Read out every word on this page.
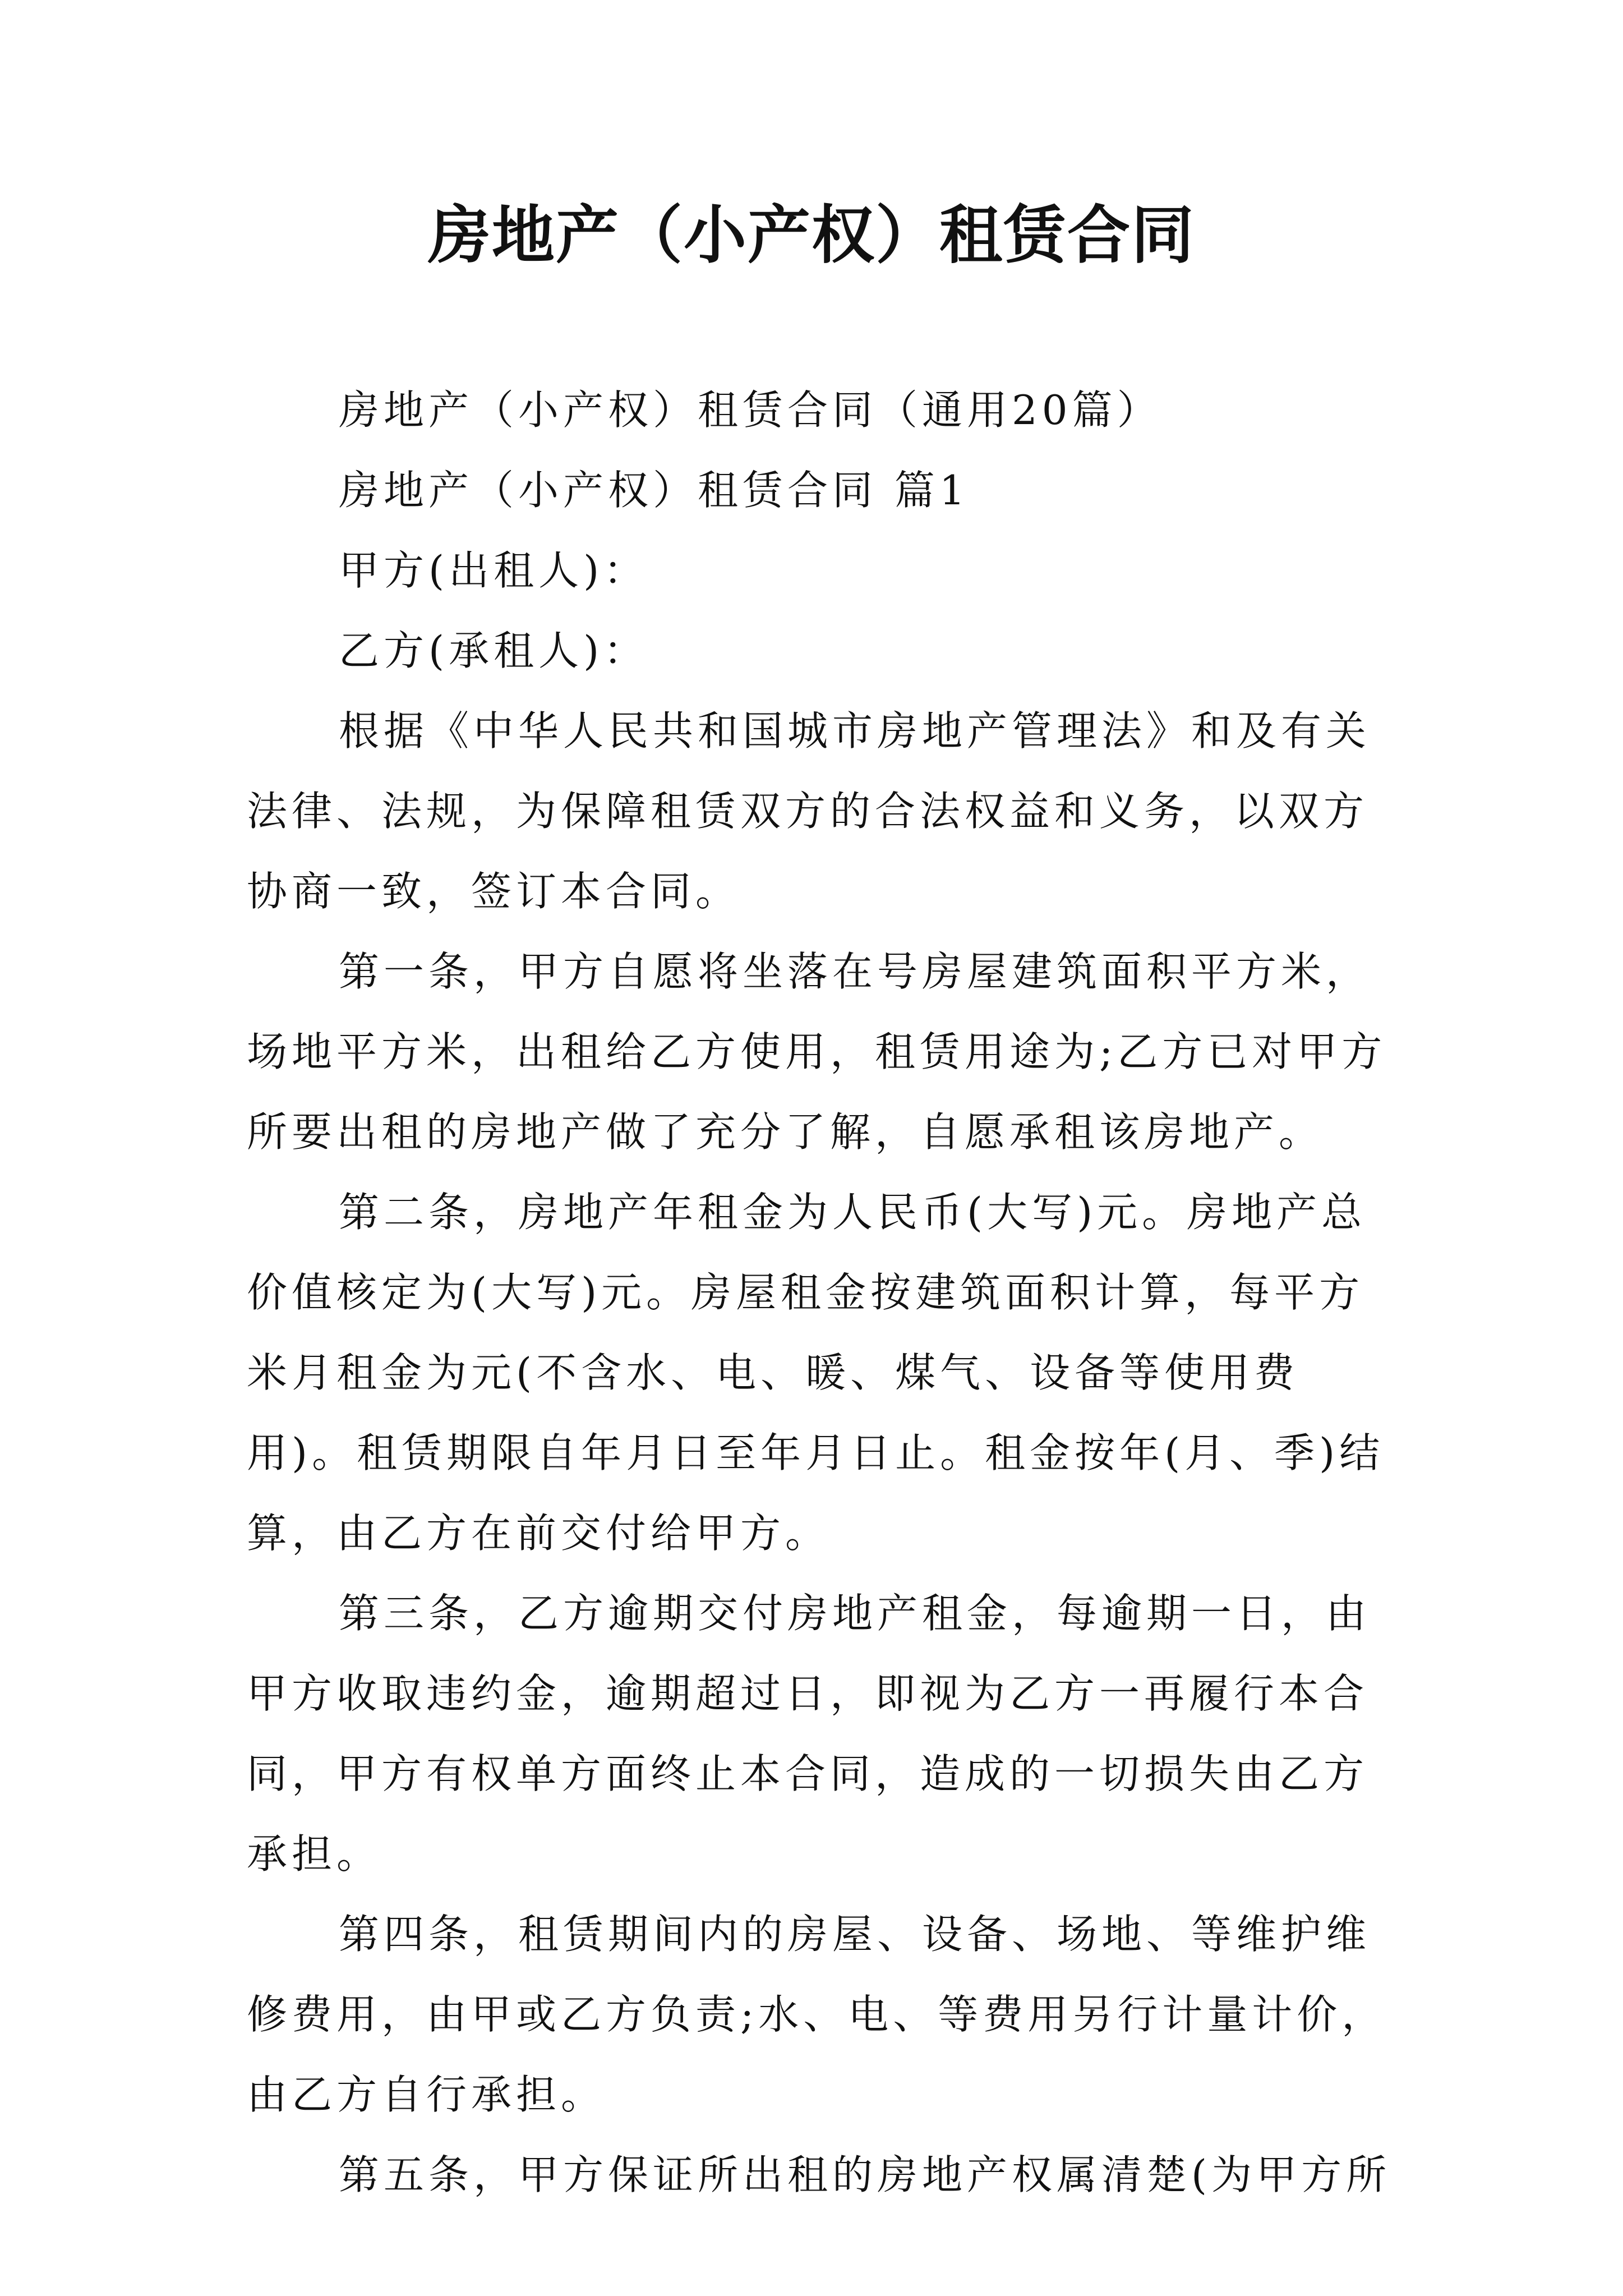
房地产（小产权）租赁合同

房地产（小产权）租赁合同（通用20篇）

房地产（小产权）租赁合同 篇1

甲方(出租人)：

乙方(承租人)：

根据《中华人民共和国城市房地产管理法》和及有关法律、法规，为保障租赁双方的合法权益和义务，以双方协商一致，签订本合同。

第一条，甲方自愿将坐落在号房屋建筑面积平方米，场地平方米，出租给乙方使用，租赁用途为;乙方已对甲方所要出租的房地产做了充分了解，自愿承租该房地产。

第二条，房地产年租金为人民币(大写)元。房地产总价值核定为(大写)元。房屋租金按建筑面积计算，每平方米月租金为元(不含水、电、暖、煤气、设备等使用费用)。租赁期限自年月日至年月日止。租金按年(月、季)结算，由乙方在前交付给甲方。

第三条，乙方逾期交付房地产租金，每逾期一日，由甲方收取违约金，逾期超过日，即视为乙方一再履行本合同，甲方有权单方面终止本合同，造成的一切损失由乙方承担。

第四条，租赁期间内的房屋、设备、场地、等维护维修费用，由甲或乙方负责;水、电、等费用另行计量计价，由乙方自行承担。

第五条，甲方保证所出租的房地产权属清楚(为甲方所
